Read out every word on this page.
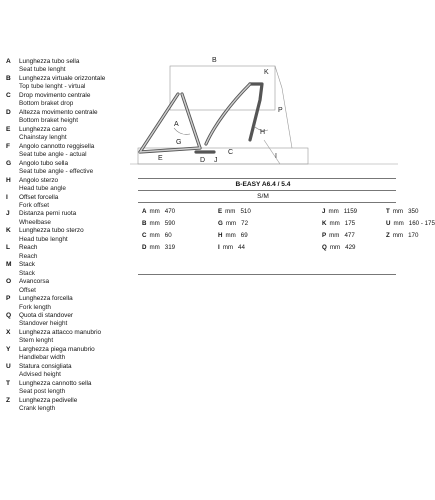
A Lunghezza tubo sella
Seat tube lenght
B Lunghezza virtuale orizzontale
Top tube lenght - virtual
C Drop movimento centrale
Bottom braket drop
D Altezza movimento centrale
Bottom braket height
E Lunghezza carro
Chainstay lenght
F Angolo cannotto reggisella
Seat tube angle - actual
G Angolo tubo sella
Seat tube angle - effective
H Angolo sterzo
Head tube angle
I Offset forcella
Fork offset
J Distanza perni ruota
Wheelbase
K Lunghezza tubo sterzo
Head tube lenght
L Reach
Reach
M Stack
Stack
O Avancorsa
Offset
P Lunghezza forcella
Fork length
Q Quota di standover
Standover height
X Lunghezza attacco manubrio
Stem lenght
Y Larghezza piega manubrio
Handlebar width
U Statura consigliata
Advised height
T Lunghezza cannotto sella
Seat post length
Z Lunghezza pedivelle
Crank length
B
K
A
G
H
P
I
C
D
E	J
B-EASY A6.4 / 5.4
S/M
A mm 470	E mm 510	J mm 1159	T mm 350
B mm 590	G mm 72	K mm 175	U mm 160 - 175
C mm 60	H mm 69	P mm 477	Z mm 170
D mm 319	I mm 44	Q mm 429
